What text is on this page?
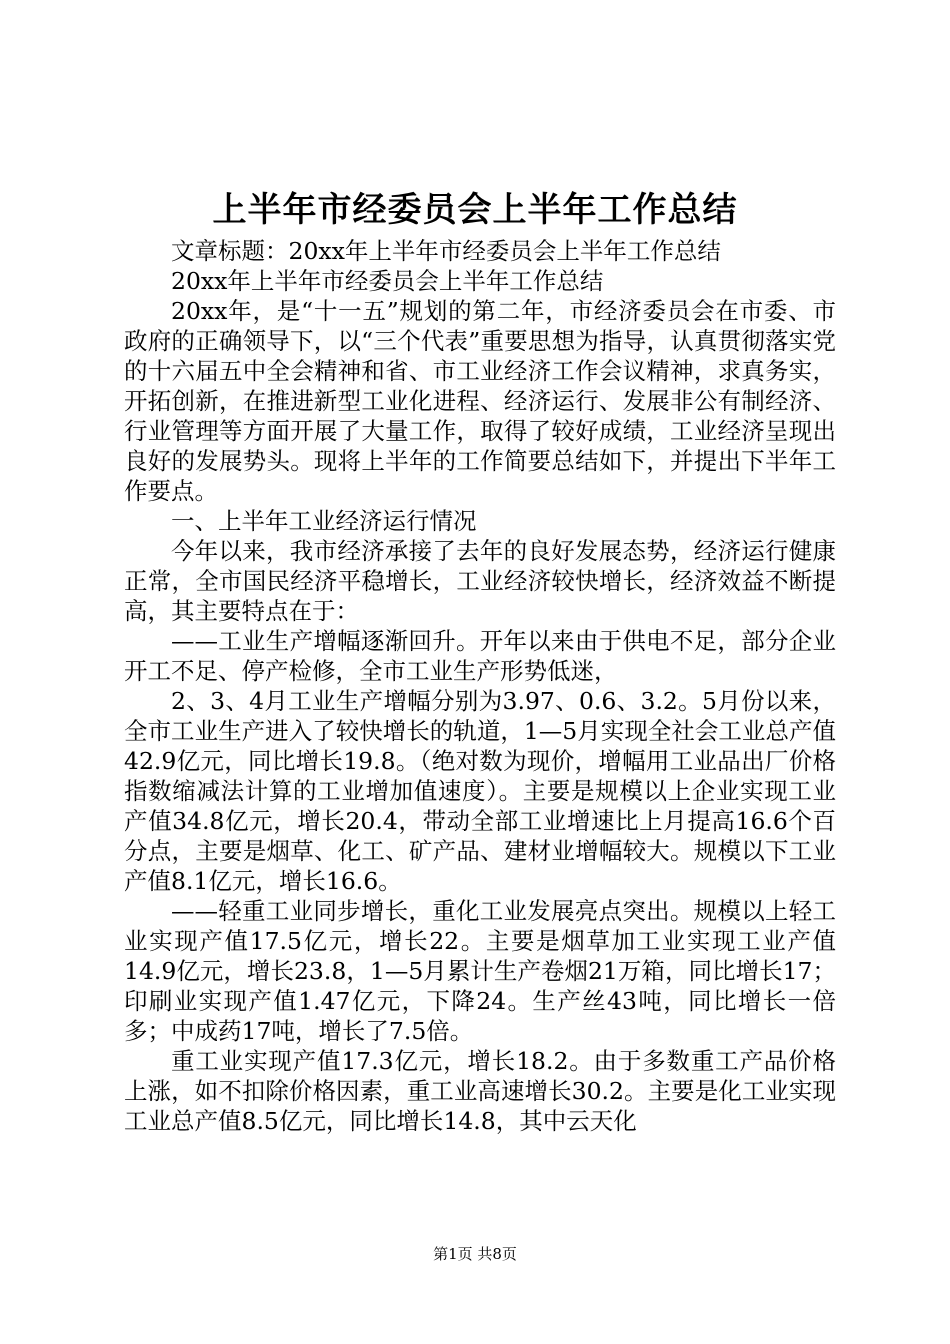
上半年市经委员会上半年工作总结

文章标题：20xx年上半年市经委员会上半年工作总结

20xx年上半年市经委员会上半年工作总结

20xx年，是“十一五”规划的第二年，市经济委员会在市委、市政府的正确领导下，以“三个代表”重要思想为指导，认真贯彻落实党的十六届五中全会精神和省、市工业经济工作会议精神，求真务实，开拓创新，在推进新型工业化进程、经济运行、发展非公有制经济、行业管理等方面开展了大量工作，取得了较好成绩，工业经济呈现出良好的发展势头。现将上半年的工作简要总结如下，并提出下半年工作要点。

一、上半年工业经济运行情况

今年以来，我市经济承接了去年的良好发展态势，经济运行健康正常，全市国民经济平稳增长，工业经济较快增长，经济效益不断提高，其主要特点在于：

——工业生产增幅逐渐回升。开年以来由于供电不足，部分企业开工不足、停产检修，全市工业生产形势低迷，

2、3、4月工业生产增幅分别为3.97、0.6、3.2。5月份以来，全市工业生产进入了较快增长的轨道，1—5月实现全社会工业总产值42.9亿元，同比增长19.8。（绝对数为现价，增幅用工业品出厂价格指数缩减法计算的工业增加值速度）。主要是规模以上企业实现工业产值34.8亿元，增长20.4，带动全部工业增速比上月提高16.6个百分点，主要是烟草、化工、矿产品、建材业增幅较大。规模以下工业产值8.1亿元，增长16.6。

——轻重工业同步增长，重化工业发展亮点突出。规模以上轻工业实现产值17.5亿元，增长22。主要是烟草加工业实现工业产值14.9亿元，增长23.8，1—5月累计生产卷烟21万箱，同比增长17；印刷业实现产值1.47亿元，下降24。生产丝43吨，同比增长一倍多；中成药17吨，增长了7.5倍。

重工业实现产值17.3亿元，增长18.2。由于多数重工产品价格上涨，如不扣除价格因素，重工业高速增长30.2。主要是化工业实现工业总产值8.5亿元，同比增长14.8，其中云天化

第1页 共8页
